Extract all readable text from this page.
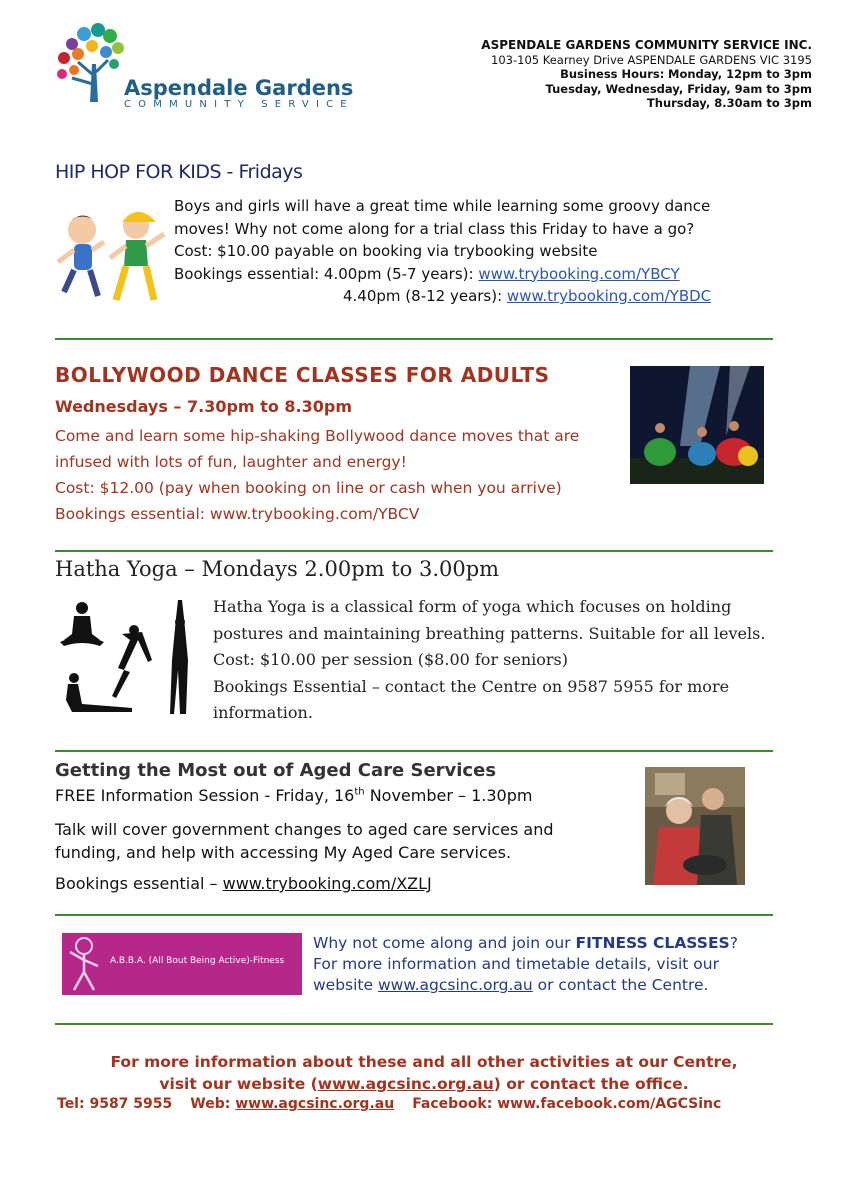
Aspendale Gardens
COMMUNITY SERVICE
ASPENDALE GARDENS COMMUNITY SERVICE INC.
103-105 Kearney Drive ASPENDALE GARDENS VIC 3195
Business Hours: Monday, 12pm to 3pm
Tuesday, Wednesday, Friday, 9am to 3pm
Thursday, 8.30am to 3pm
HIP HOP FOR KIDS - Fridays
Boys and girls will have a great time while learning some groovy dance
moves! Why not come along for a trial class this Friday to have a go?
Cost: $10.00 payable on booking via trybooking website
Bookings essential: 4.00pm (5-7 years): www.trybooking.com/YBCY
4.40pm (8-12 years): www.trybooking.com/YBDC
BOLLYWOOD DANCE CLASSES FOR ADULTS
Wednesdays – 7.30pm to 8.30pm
Come and learn some hip-shaking Bollywood dance moves that are
infused with lots of fun, laughter and energy!
Cost: $12.00 (pay when booking on line or cash when you arrive)
Bookings essential: www.trybooking.com/YBCV
Hatha Yoga – Mondays 2.00pm to 3.00pm
Hatha Yoga is a classical form of yoga which focuses on holding
postures and maintaining breathing patterns. Suitable for all levels.
Cost: $10.00 per session ($8.00 for seniors)
Bookings Essential – contact the Centre on 9587 5955 for more
information.
Getting the Most out of Aged Care Services
FREE Information Session - Friday, 16th November – 1.30pm
Talk will cover government changes to aged care services and
funding, and help with accessing My Aged Care services.
Bookings essential – www.trybooking.com/XZLJ
A.B.B.A. (All Bout Being Active)-Fitness
Why not come along and join our FITNESS CLASSES?
For more information and timetable details, visit our
website www.agcsinc.org.au or contact the Centre.
For more information about these and all other activities at our Centre,
visit our website (www.agcsinc.org.au) or contact the office.
Tel: 9587 5955 Web: www.agcsinc.org.au Facebook: www.facebook.com/AGCSinc
